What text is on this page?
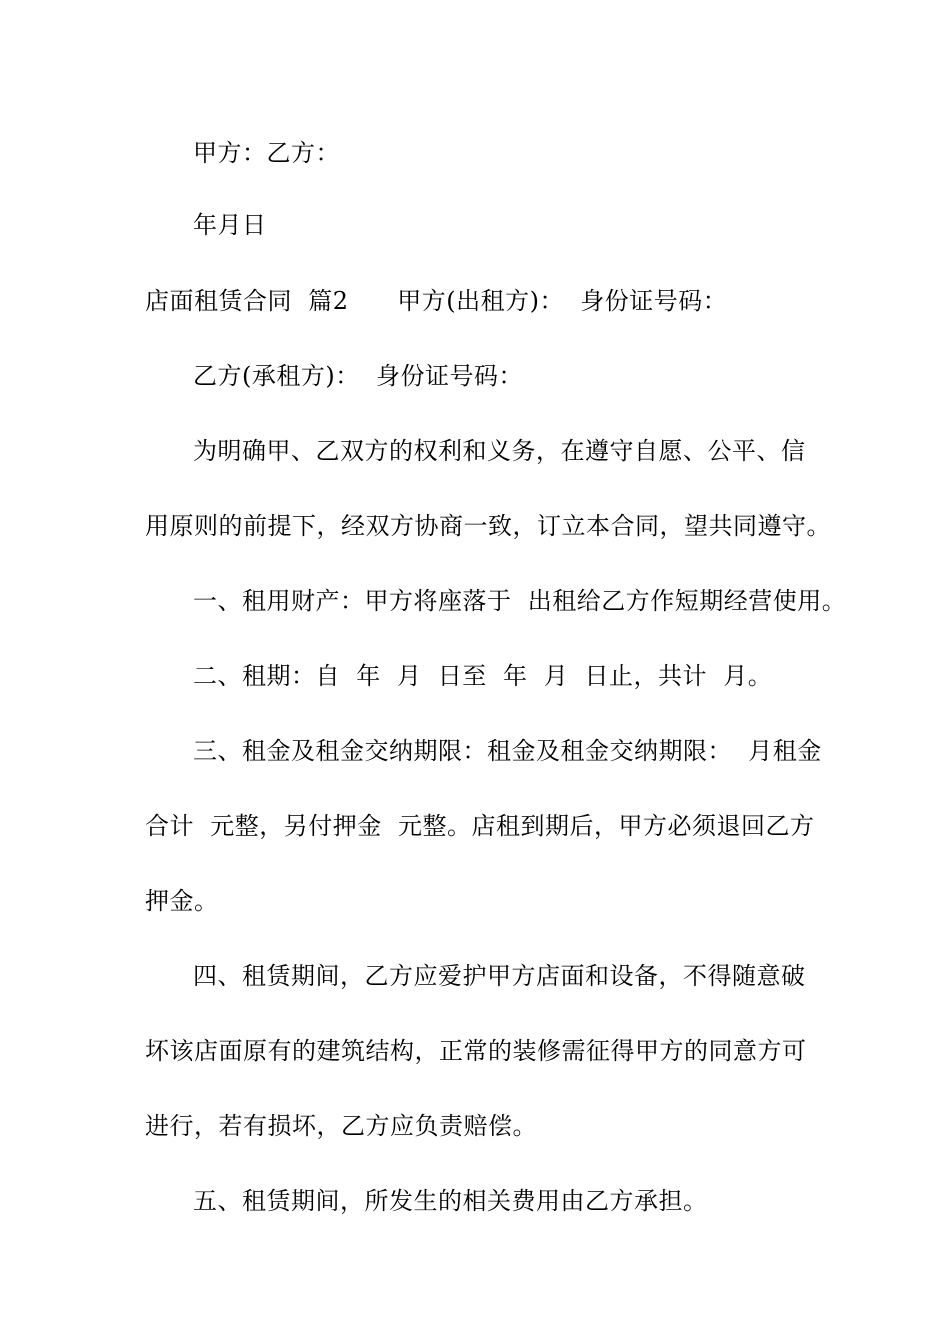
甲方：乙方：
年月日
店面租赁合同  篇2      甲方(出租方)：  身份证号码：
乙方(承租方)：  身份证号码：
为明确甲、乙双方的权利和义务，在遵守自愿、公平、信
用原则的前提下，经双方协商一致，订立本合同，望共同遵守。
一、租用财产：甲方将座落于  出租给乙方作短期经营使用。
二、租期：自  年  月  日至  年  月  日止，共计  月。
三、租金及租金交纳期限：租金及租金交纳期限：  月租金
合计  元整，另付押金  元整。店租到期后，甲方必须退回乙方
押金。
四、租赁期间，乙方应爱护甲方店面和设备，不得随意破
坏该店面原有的建筑结构，正常的装修需征得甲方的同意方可
进行，若有损坏，乙方应负责赔偿。
五、租赁期间，所发生的相关费用由乙方承担。
